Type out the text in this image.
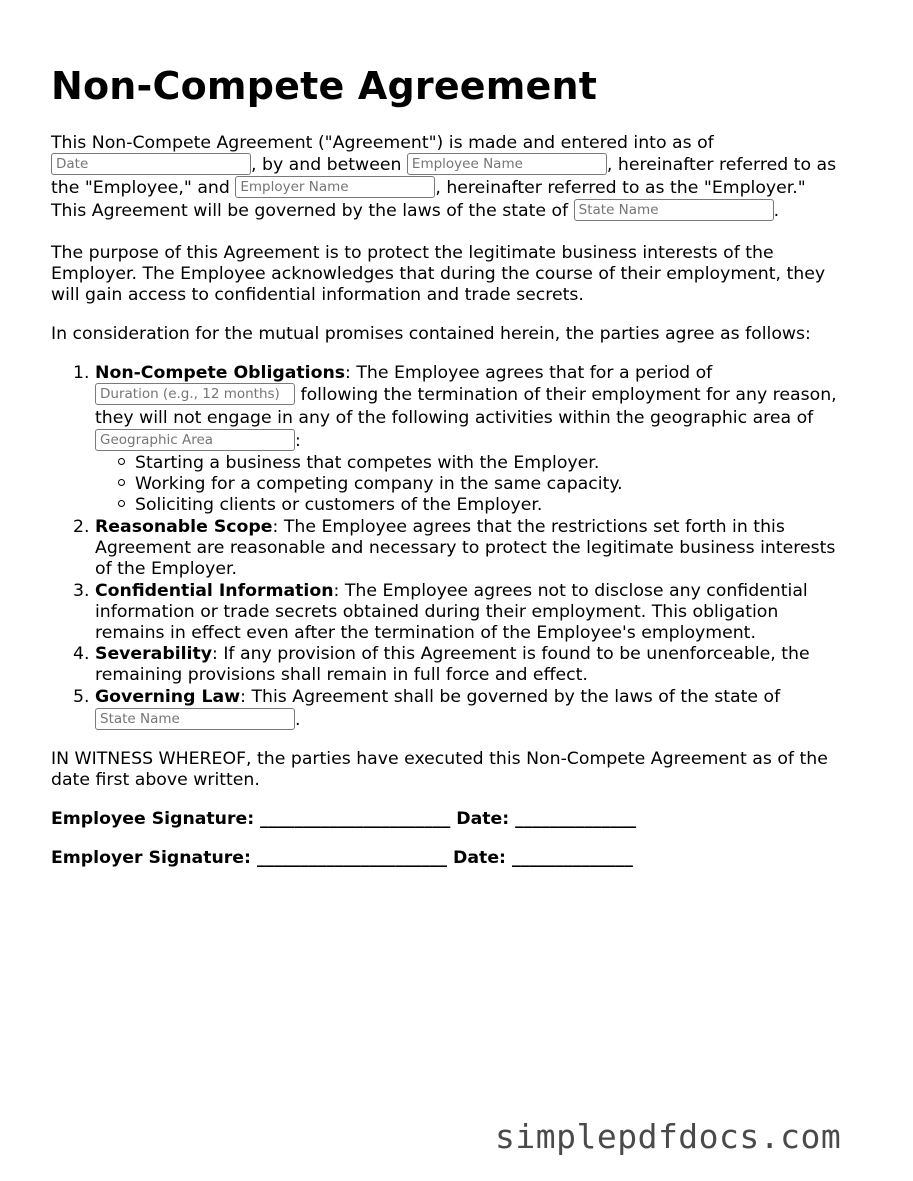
Non-Compete Agreement
This Non-Compete Agreement ("Agreement") is made and entered into as of
Date, by and between Employee Name	, hereinafter referred to as
the "Employee," and Employer Name	, hereinafter referred to as the "Employer."
This Agreement will be governed by the laws of the state of State Name	.
The purpose of this Agreement is to protect the legitimate business interests of the
Employer. The Employee acknowledges that during the course of their employment, they
will gain access to confidential information and trade secrets.
In consideration for the mutual promises contained herein, the parties agree as follows:
1. Non-Compete Obligations: The Employee agrees that for a period of
Duration (e.g., 12 months) following the termination of their employment for any reason,
they will not engage in any of the following activities within the geographic area of
Geographic Area:
Starting a business that competes with the Employer.
Working for a competing company in the same capacity.
Soliciting clients or customers of the Employer.
2. Reasonable Scope: The Employee agrees that the restrictions set forth in this
Agreement are reasonable and necessary to protect the legitimate business interests
of the Employer.
3. Confidential Information: The Employee agrees not to disclose any confidential
information or trade secrets obtained during their employment. This obligation
remains in effect even after the termination of the Employee's employment.
4. Severability: If any provision of this Agreement is found to be unenforceable, the
remaining provisions shall remain in full force and effect.
5. Governing Law: This Agreement shall be governed by the laws of the state of
State Name.
IN WITNESS WHEREOF, the parties have executed this Non-Compete Agreement as of the
date first above written.
Employee Signature: ______________________ Date: ______________
Employer Signature: ______________________ Date: ______________
simplepdfdocs.com
